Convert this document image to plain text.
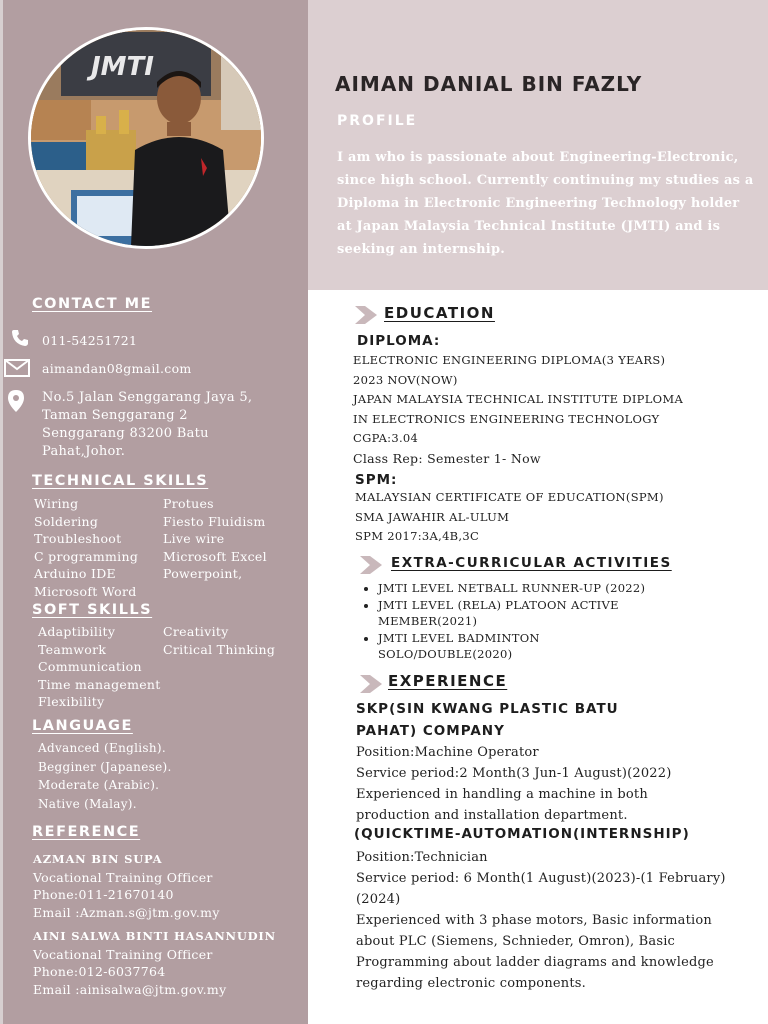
JMTI
AIMAN DANIAL BIN FAZLY
PROFILE
I am who is passionate about Engineering-Electronic, since high school. Currently continuing my studies as a Diploma in Electronic Engineering Technology holder at Japan Malaysia Technical Institute (JMTI) and is seeking an internship.
CONTACT ME
011-54251721
aimandan08gmail.com
No.5 Jalan Senggarang Jaya 5,
Taman Senggarang 2
Senggarang 83200 Batu
Pahat,Johor.
TECHNICAL SKILLS
Wiring
Soldering
Troubleshoot
C programming
Arduino IDE
Microsoft Word
Protues
Fiesto Fluidism
Live wire
Microsoft Excel
Powerpoint,
SOFT SKILLS
Adaptibility
Teamwork
Communication
Time management
Flexibility
Creativity
Critical Thinking
LANGUAGE
Advanced (English).
Begginer (Japanese).
Moderate (Arabic).
Native (Malay).
REFERENCE
AZMAN BIN SUPA
Vocational Training Officer
Phone:011-21670140
Email :Azman.s@jtm.gov.my
AINI SALWA BINTI HASANNUDIN
Vocational Training Officer
Phone:012-6037764
Email :ainisalwa@jtm.gov.my
EDUCATION
DIPLOMA:
ELECTRONIC ENGINEERING DIPLOMA(3 YEARS)
2023 NOV(NOW)
JAPAN MALAYSIA TECHNICAL INSTITUTE DIPLOMA
IN ELECTRONICS ENGINEERING TECHNOLOGY
CGPA:3.04
Class Rep: Semester 1- Now
SPM:
MALAYSIAN CERTIFICATE OF EDUCATION(SPM)
SMA JAWAHIR AL-ULUM
SPM 2017:3A,4B,3C
EXTRA-CURRICULAR ACTIVITIES
• JMTI LEVEL NETBALL RUNNER-UP (2022)
• JMTI LEVEL (RELA) PLATOON ACTIVE
MEMBER(2021)
• JMTI LEVEL BADMINTON
SOLO/DOUBLE(2020)
EXPERIENCE
SKP(SIN KWANG PLASTIC BATU
PAHAT) COMPANY
Position:Machine Operator
Service period:2 Month(3 Jun-1 August)(2022)
Experienced in handling a machine in both
production and installation department.
(QUICKTIME-AUTOMATION(INTERNSHIP)
Position:Technician
Service period: 6 Month(1 August)(2023)-(1 February)
(2024)
Experienced with 3 phase motors, Basic information
about PLC (Siemens, Schnieder, Omron), Basic
Programming about ladder diagrams and knowledge
regarding electronic components.
